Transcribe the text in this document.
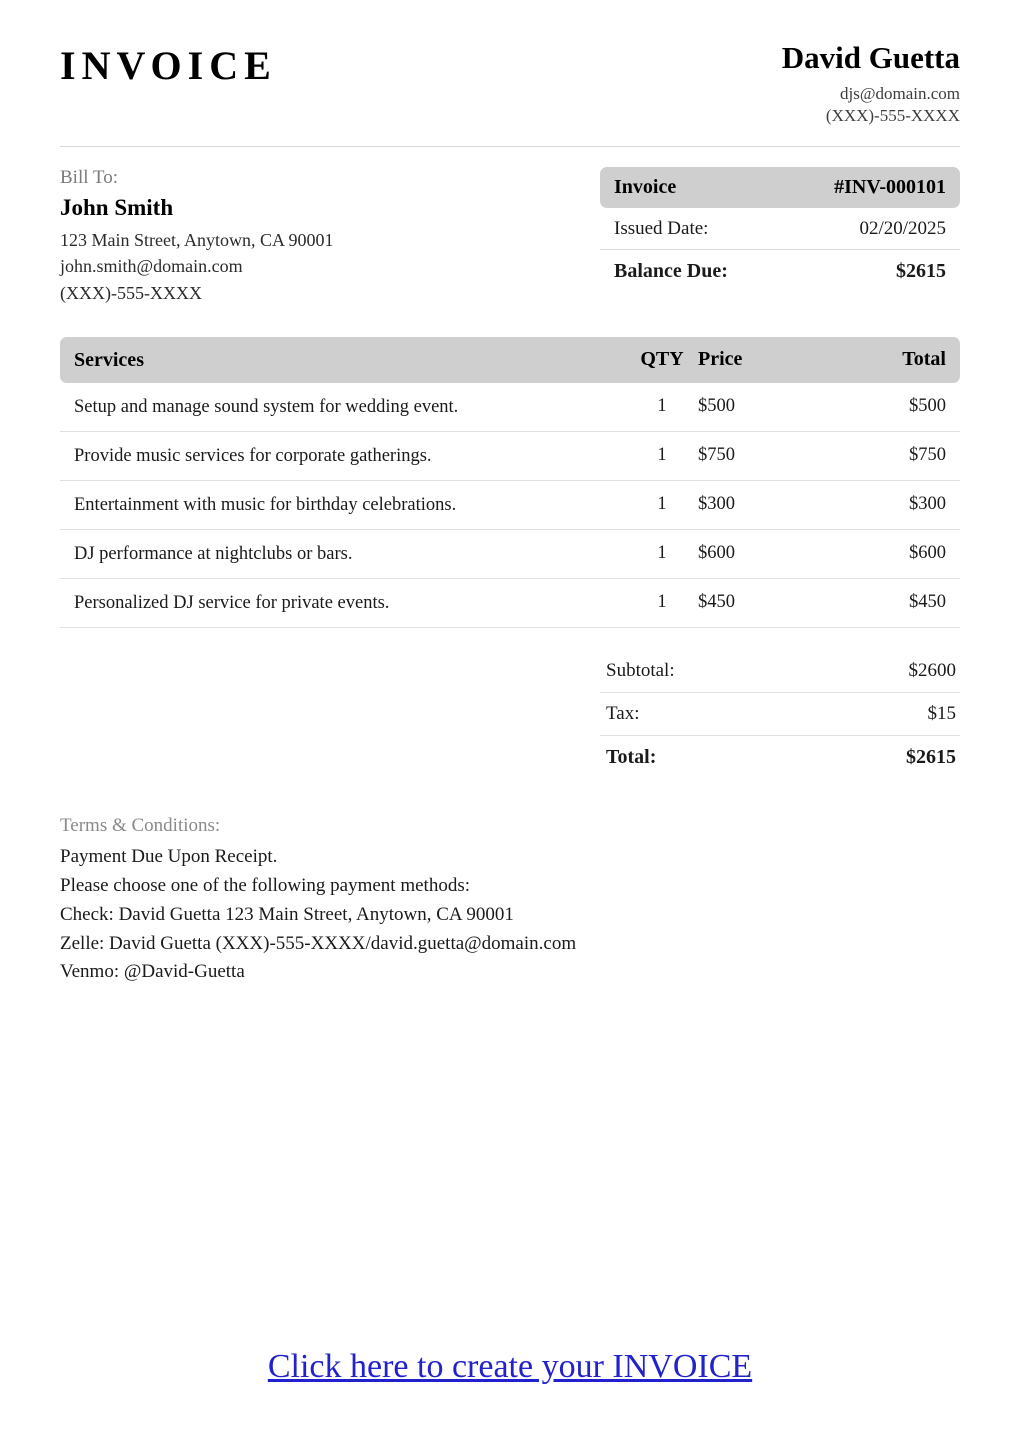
INVOICE	David Guetta
djs@domain.com
(XXX)-555-XXXX
Bill To:
John Smith
123 Main Street, Anytown, CA 90001
john.smith@domain.com
(XXX)-555-XXXX
Invoice	#INV-000101
Issued Date:	02/20/2025
Balance Due:	$2615
Services	QTY Price	Total
Setup and manage sound system for wedding event.	1	$500	$500
Provide music services for corporate gatherings.	1	$750	$750
Entertainment with music for birthday celebrations.	1	$300	$300
DJ performance at nightclubs or bars.	1	$600	$600
Personalized DJ service for private events.	1	$450	$450
Subtotal:	$2600
Tax:	$15
Total:	$2615
Terms & Conditions:
Payment Due Upon Receipt.
Please choose one of the following payment methods:
Check: David Guetta 123 Main Street, Anytown, CA 90001
Zelle: David Guetta (XXX)-555-XXXX/david.guetta@domain.com
Venmo: @David-Guetta
Click here to create your INVOICE
